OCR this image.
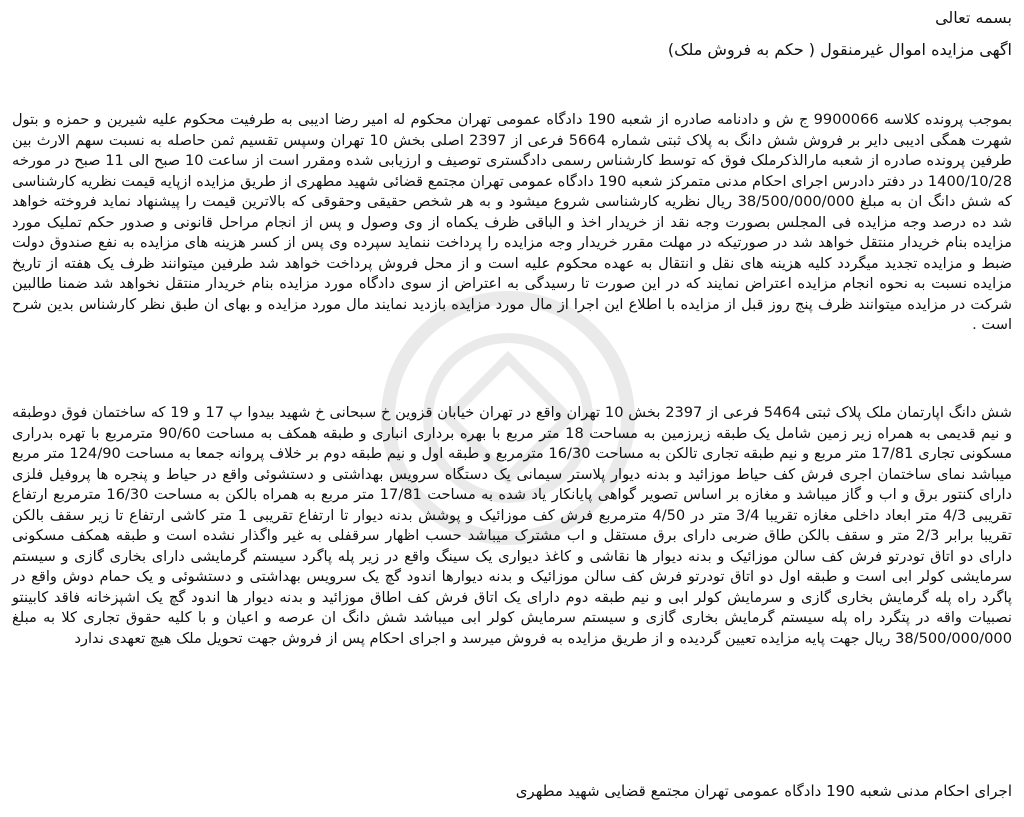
بسمه تعالی

اگهی مزایده اموال غیرمنقول ( حکم به فروش ملک)

بموجب پرونده کلاسه 9900066 ج ش و دادنامه صادره از شعبه 190 دادگاه عمومی تهران محکوم له امیر رضا ادیبی به طرفیت محکوم علیه شیرین و حمزه و بتول شهرت همگی ادیبی دایر بر فروش شش دانگ به پلاک ثبتی شماره 5664 فرعی از 2397 اصلی بخش 10 تهران وسپس تقسیم ثمن حاصله به نسبت سهم الارث بین طرفین پرونده صادره از شعبه مارالذکرملک فوق که توسط کارشناس رسمی دادگستری توصیف و ارزیابی شده ومقرر است از ساعت 10 صبح الی 11 صبح در مورخه 1400/10/28 در دفتر دادرس اجرای احکام مدنی متمرکز شعبه 190 دادگاه عمومی تهران مجتمع قضائی شهید مطهری از طریق مزایده ازپایه قیمت نظریه کارشناسی که شش دانگ ان به مبلغ 38/500/000/000 ریال نظریه کارشناسی شروع میشود و به هر شخص حقیقی وحقوقی که بالاترین قیمت را پیشنهاد نماید فروخته خواهد شد ده درصد وجه مزایده فی المجلس بصورت وجه نقد از خریدار اخذ و الباقی ظرف یکماه از وی وصول و پس از انجام مراحل قانونی و صدور حکم تملیک مورد مزایده بنام خریدار منتقل خواهد شد در صورتیکه در مهلت مقرر خریدار وجه مزایده را پرداخت ننماید سپرده وی پس از کسر هزینه های مزایده به نفع صندوق دولت ضبط و مزایده تجدید میگردد کلیه هزینه های نقل و انتقال به عهده محکوم علیه است و از محل فروش پرداخت خواهد شد طرفین میتوانند ظرف یک هفته از تاریخ مزایده نسبت به نحوه انجام مزایده اعتراض نمایند که در این صورت تا رسیدگی به اعتراض از سوی دادگاه مورد مزایده بنام خریدار منتقل نخواهد شد ضمنا طالبین شرکت در مزایده میتوانند ظرف پنج روز قبل از مزایده با اطلاع این اجرا از مال مورد مزایده بازدید نمایند مال مورد مزایده و بهای ان طبق نظر کارشناس بدین شرح است .

شش دانگ اپارتمان ملک پلاک ثبتی 5464 فرعی از 2397 بخش 10 تهران واقع در تهران خیابان قزوین خ سبحانی خ شهید بیدوا پ 17 و 19 که ساختمان فوق دوطبقه و نیم قدیمی به همراه زیر زمین شامل یک طبقه زیرزمین به مساحت 18 متر مربع با بهره برداری انباری و طبقه همکف به مساحت 90/60 مترمربع با تهره بدراری مسکونی تجاری 17/81 متر مربع و نیم طبقه تجاری تالکن به مساحت 16/30 مترمربع و طبقه اول و نیم طبقه دوم بر خلاف پروانه جمعا به مساحت 124/90 متر مربع میباشد نمای ساختمان اجری فرش کف حیاط موزائید و بدنه دیوار پلاستر سیمانی یک دستگاه سرویس بهداشتی و دستشوئی واقع در حیاط و پنجره ها پروفیل فلزی دارای کنتور برق و اب و گاز میباشد و مغازه بر اساس تصویر گواهی پایانکار یاد شده به مساحت 17/81 متر مربع به همراه بالکن به مساحت 16/30 مترمربع ارتفاع تقریبی 4/3 متر ابعاد داخلی مغازه تقریبا 3/4 متر در 4/50 مترمربع فرش کف موزائیک و پوشش بدنه دیوار تا ارتفاع تقریبی 1 متر کاشی ارتفاع تا زیر سقف بالکن تقریبا برابر 2/3 متر و سقف بالکن طاق ضربی دارای برق مستقل و اب مشترک میباشد حسب اظهار سرقفلی به غیر واگذار نشده است و طبقه همکف مسکونی دارای دو اتاق تودرتو فرش کف سالن موزائیک و بدنه دیوار ها نقاشی و کاغذ دیواری یک سینگ واقع در زیر پله پاگرد سیستم گرمایشی دارای بخاری گازی و سیستم سرمایشی کولر ابی است و طبقه اول دو اتاق تودرتو فرش کف سالن موزائیک و بدنه دیوارها اندود گچ یک سرویس بهداشتی و دستشوئی و یک حمام دوش واقع در پاگرد راه پله گرمایش بخاری گازی و سرمایش کولر ابی و نیم طبقه دوم دارای یک اتاق فرش کف اطاق موزائید و بدنه دیوار ها اندود گچ یک اشپزخانه فاقد کابینتو نصبیات واقه در پتگرد راه پله سیستم گرمایش بخاری گازی و سیستم سرمایش کولر ابی میباشد شش دانگ ان عرصه و اعیان و با کلیه حقوق تجاری کلا به مبلغ 38/500/000/000 ریال جهت پایه مزایده تعیین گردیده و از طریق مزایده به فروش میرسد و اجرای احکام پس از فروش جهت تحویل ملک هیچ تعهدی ندارد

اجرای احکام مدنی شعبه 190 دادگاه عمومی تهران مجتمع قضایی شهید مطهری
